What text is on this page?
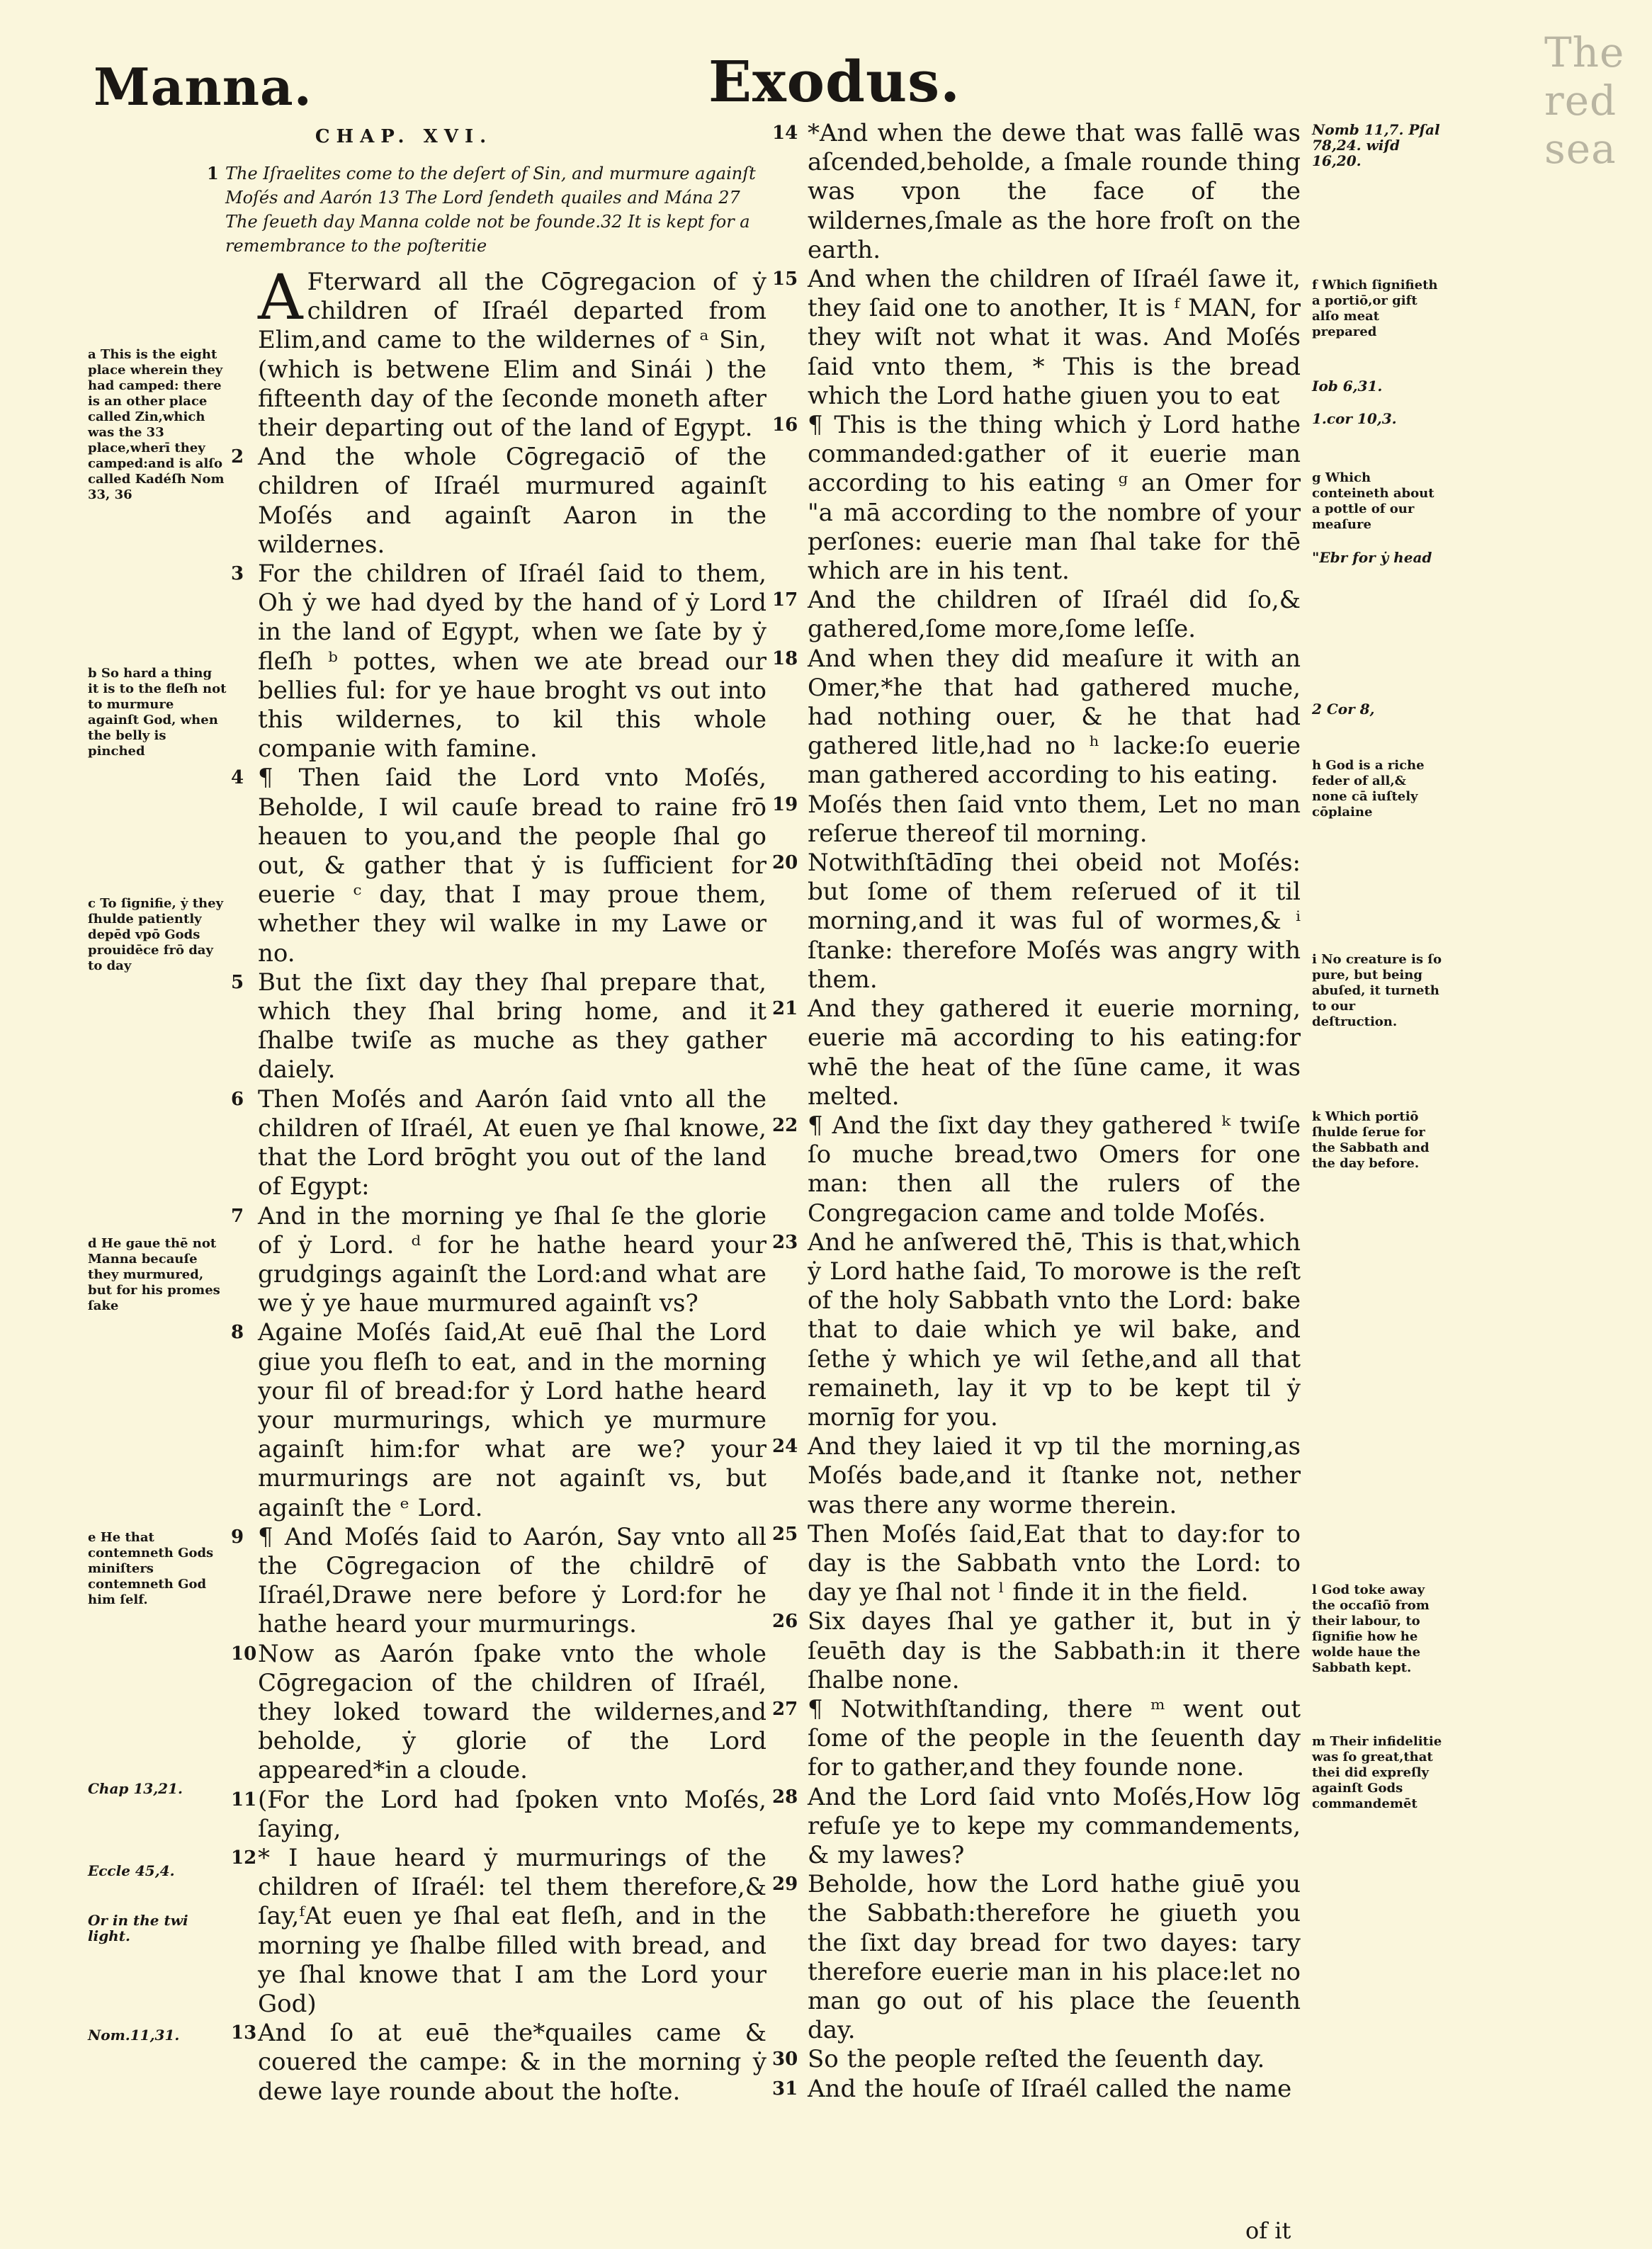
The red sea
Manna.	Exodus.
CHAP. XVI.
1 The Iſraelites come to the deſert of Sin, and murmure againſt Moſés and Aarón 13 The Lord ſendeth quailes and Mána 27 The ſeueth day Manna colde not be founde.32 It is kept for a remembrance to the poſteritie

AFterward all the Cōgregacion of ẏ children of Iſraél departed from Elim,and came to the wildernes of ᵃ Sin, (which is betwene Elim and Sinái ) the fifteenth day of the ſeconde moneth after their departing out of the land of Egypt.

2 And the whole Cōgregaciō of the children of Iſraél murmured againſt Moſés and againſt Aaron in the wildernes.

3 For the children of Iſraél ſaid to them, Oh ẏ we had dyed by the hand of ẏ Lord in the land of Egypt, when we ſate by ẏ fleſh ᵇ pottes, when we ate bread our bellies ful: for ye haue broght vs out into this wildernes, to kil this whole companie with famine.

4 ¶ Then ſaid the Lord vnto Moſés, Beholde, I wil cauſe bread to raine frō heauen to you,and the people ſhal go out, & gather that ẏ is ſufficient for euerie ᶜ day, that I may proue them, whether they wil walke in my Lawe or no.

5 But the ſixt day they ſhal prepare that, which they ſhal bring home, and it ſhalbe twiſe as muche as they gather daiely.

6 Then Moſés and Aarón ſaid vnto all the children of Iſraél, At euen ye ſhal knowe, that the Lord brōght you out of the land of Egypt:

7 And in the morning ye ſhal ſe the glorie of ẏ Lord. ᵈ for he hathe heard your grudgings againſt the Lord:and what are we ẏ ye haue murmured againſt vs?

8 Againe Moſés ſaid,At euē ſhal the Lord giue you fleſh to eat, and in the morning your fil of bread:for ẏ Lord hathe heard your murmurings, which ye murmure againſt him:for what are we? your murmurings are not againſt vs, but againſt the ᵉ Lord.

9 ¶ And Moſés ſaid to Aarón, Say vnto all the Cōgregacion of the childrē of Iſraél,Drawe nere before ẏ Lord:for he hathe heard your murmurings.

10 Now as Aarón ſpake vnto the whole Cōgregacion of the children of Iſraél, they loked toward the wildernes,and beholde, ẏ glorie of the Lord appeared*in a cloude.

11 (For the Lord had ſpoken vnto Moſés, ſaying,

12 * I haue heard ẏ murmurings of the children of Iſraél: tel them therefore,& ſay,ᶠAt euen ye ſhal eat fleſh, and in the morning ye ſhalbe filled with bread, and ye ſhal knowe that I am the Lord your God)

13 And ſo at euē the*quailes came & couered the campe: & in the morning ẏ dewe laye rounde about the hoſte.

14 *And when the dewe that was fallē was aſcended,beholde, a ſmale rounde thing was vpon the face of the wildernes,ſmale as the hore froſt on the earth.

15 And when the children of Iſraél ſawe it, they ſaid one to another, It is ᶠ MAN, for they wiſt not what it was. And Moſés ſaid vnto them, * This is the bread which the Lord hathe giuen you to eat

16 ¶ This is the thing which ẏ Lord hathe commanded:gather of it euerie man according to his eating ᵍ an Omer for "a mā according to the nombre of your perſones: euerie man ſhal take for thē which are in his tent.

17 And the children of Iſraél did ſo,& gathered,ſome more,ſome leſſe.

18 And when they did meaſure it with an Omer,*he that had gathered muche, had nothing ouer, & he that had gathered litle,had no ʰ lacke:ſo euerie man gathered according to his eating.

19 Moſés then ſaid vnto them, Let no man reſerue thereof til morning.

20 Notwithſtādīng thei obeid not Moſés: but ſome of them reſerued of it til morning,and it was ful of wormes,& ⁱ ſtanke: therefore Moſés was angry with them.

21 And they gathered it euerie morning, euerie mā according to his eating:for whē the heat of the ſūne came, it was melted.

22 ¶ And the ſixt day they gathered ᵏ twiſe ſo muche bread,two Omers for one man: then all the rulers of the Congregacion came and tolde Moſés.

23 And he anſwered thē, This is that,which ẏ Lord hathe ſaid, To morowe is the reſt of the holy Sabbath vnto the Lord: bake that to daie which ye wil bake, and ſethe ẏ which ye wil ſethe,and all that remaineth, lay it vp to be kept til ẏ mornīg for you.

24 And they laied it vp til the morning,as Moſés bade,and it ſtanke not, nether was there any worme therein.

25 Then Moſés ſaid,Eat that to day:for to day is the Sabbath vnto the Lord: to day ye ſhal not ˡ finde it in the field.

26 Six dayes ſhal ye gather it, but in ẏ ſeuēth day is the Sabbath:in it there ſhalbe none.

27 ¶ Notwithſtanding, there ᵐ went out ſome of the people in the ſeuenth day for to gather,and they founde none.

28 And the Lord ſaid vnto Moſés,How lōg refuſe ye to kepe my commandements, & my lawes?

29 Beholde, how the Lord hathe giuē you the Sabbath:therefore he giueth you the ſixt day bread for two dayes: tary therefore euerie man in his place:let no man go out of his place the ſeuenth day.

30 So the people reſted the ſeuenth day.

31 And the houſe of Iſraél called the name

of it

a This is the eight place wherein they had camped: there is an other place called Zin,which was the 33 place,wherī they camped:and is alſo called Kadéſh Nom 33, 36

b So hard a thing it is to the fleſh not to murmure againſt God, when the belly is pinched

c To ſignifie, ẏ they ſhulde patiently depēd vpō Gods prouidēce frō day to day

d He gaue thē not Manna becauſe they murmured, but for his promes ſake

e He that contemneth Gods miniſters contemneth God him ſelf.

Chap 13,21.

Eccle 45,4.

Or in the twi light.

Nom.11,31.

Nomb 11,7. Pſal 78,24. wiſd 16,20.

f Which ſignifieth a portiō,or gift alſo meat prepared

Iob 6,31.

1.cor 10,3.

g Which conteineth about a pottle of our meaſure

"Ebr for ẏ head

2 Cor 8,

h God is a riche feder of all,& none cā iuſtely cōplaine

i No creature is ſo pure, but being abuſed, it turneth to our deſtruction.

k Which portiō ſhulde ſerue for the Sabbath and the day before.

l God toke away the occaſiō from their labour, to ſignifie how he wolde haue the Sabbath kept.

m Their infidelitie was ſo great,that thei did expreſly againſt Gods commandemēt
